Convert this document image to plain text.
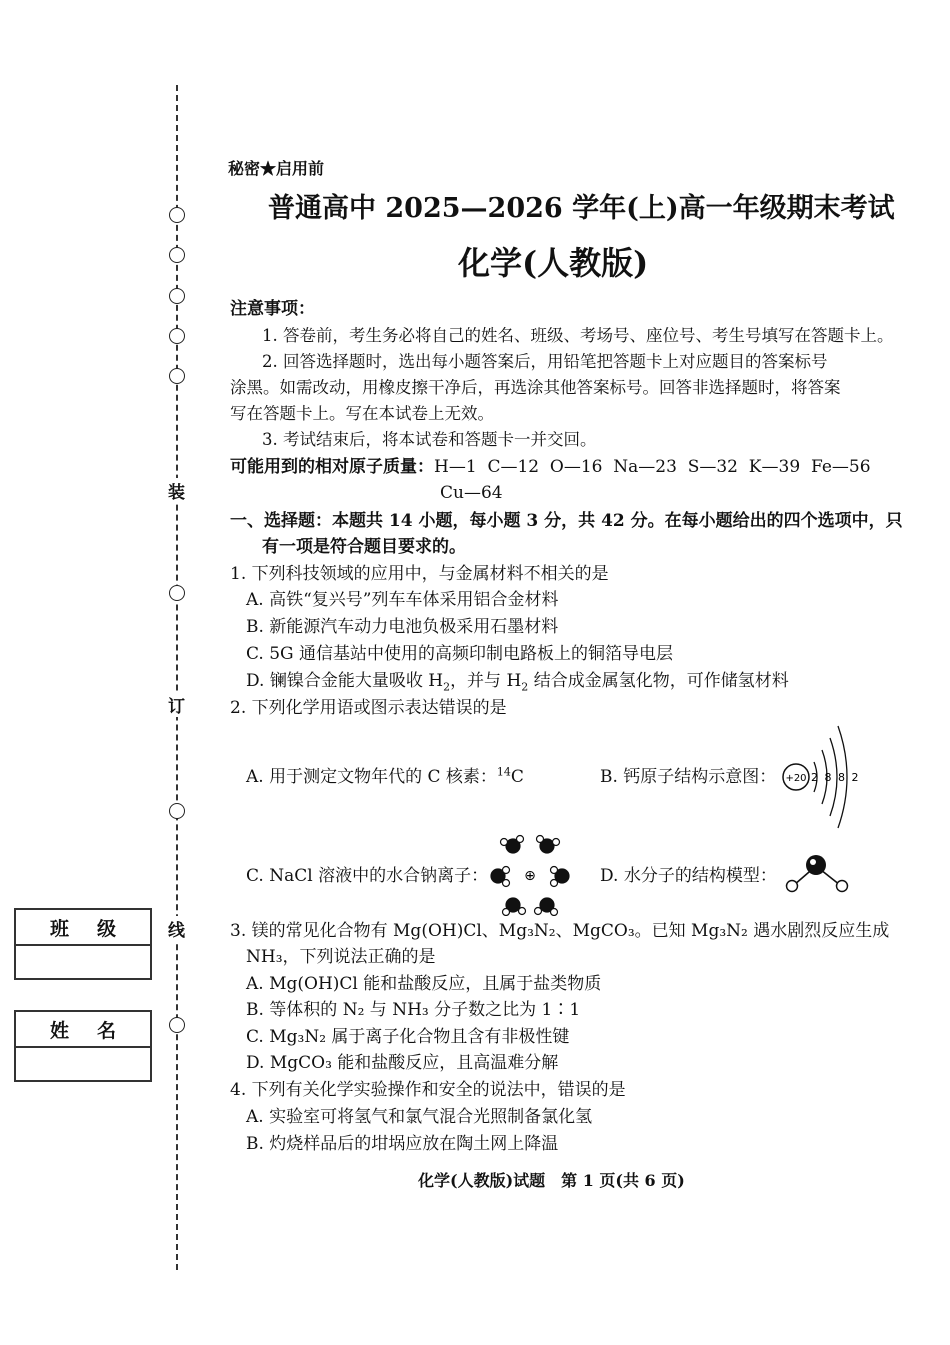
装
订
线
班 级
姓 名
秘密★启用前
普通高中 2025—2026 学年(上)高一年级期末考试
化学(人教版)
注意事项：
1. 答卷前，考生务必将自己的姓名、班级、考场号、座位号、考生号填写在答题卡上。
2. 回答选择题时，选出每小题答案后，用铅笔把答题卡上对应题目的答案标号
涂黑。如需改动，用橡皮擦干净后，再选涂其他答案标号。回答非选择题时，将答案
写在答题卡上。写在本试卷上无效。
3. 考试结束后，将本试卷和答题卡一并交回。
可能用到的相对原子质量：H—1  C—12  O—16  Na—23  S—32  K—39  Fe—56
Cu—64
一、选择题：本题共 14 小题，每小题 3 分，共 42 分。在每小题给出的四个选项中，只
有一项是符合题目要求的。
1. 下列科技领域的应用中，与金属材料不相关的是
A. 高铁“复兴号”列车车体采用铝合金材料
B. 新能源汽车动力电池负极采用石墨材料
C. 5G 通信基站中使用的高频印制电路板上的铜箔导电层
D. 镧镍合金能大量吸收 $H_2$，并与 $H_2$ 结合成金属氢化物，可作储氢材料
2. 下列化学用语或图示表达错误的是
A. 用于测定文物年代的 C 核素：$^{14}$C	B. 钙原子结构示意图： +20 2 8 8 2
C. NaCl 溶液中的水合钠离子：	⊕	D. 水分子的结构模型：
3. 镁的常见化合物有 Mg(OH)Cl、Mg₃N₂、MgCO₃。已知 Mg₃N₂ 遇水剧烈反应生成
NH₃，下列说法正确的是
A. Mg(OH)Cl 能和盐酸反应，且属于盐类物质
B. 等体积的 N₂ 与 NH₃ 分子数之比为 1∶1
C. Mg₃N₂ 属于离子化合物且含有非极性键
D. MgCO₃ 能和盐酸反应，且高温难分解
4. 下列有关化学实验操作和安全的说法中，错误的是
A. 实验室可将氢气和氯气混合光照制备氯化氢
B. 灼烧样品后的坩埚应放在陶土网上降温
化学(人教版)试题　第 1 页(共 6 页)
